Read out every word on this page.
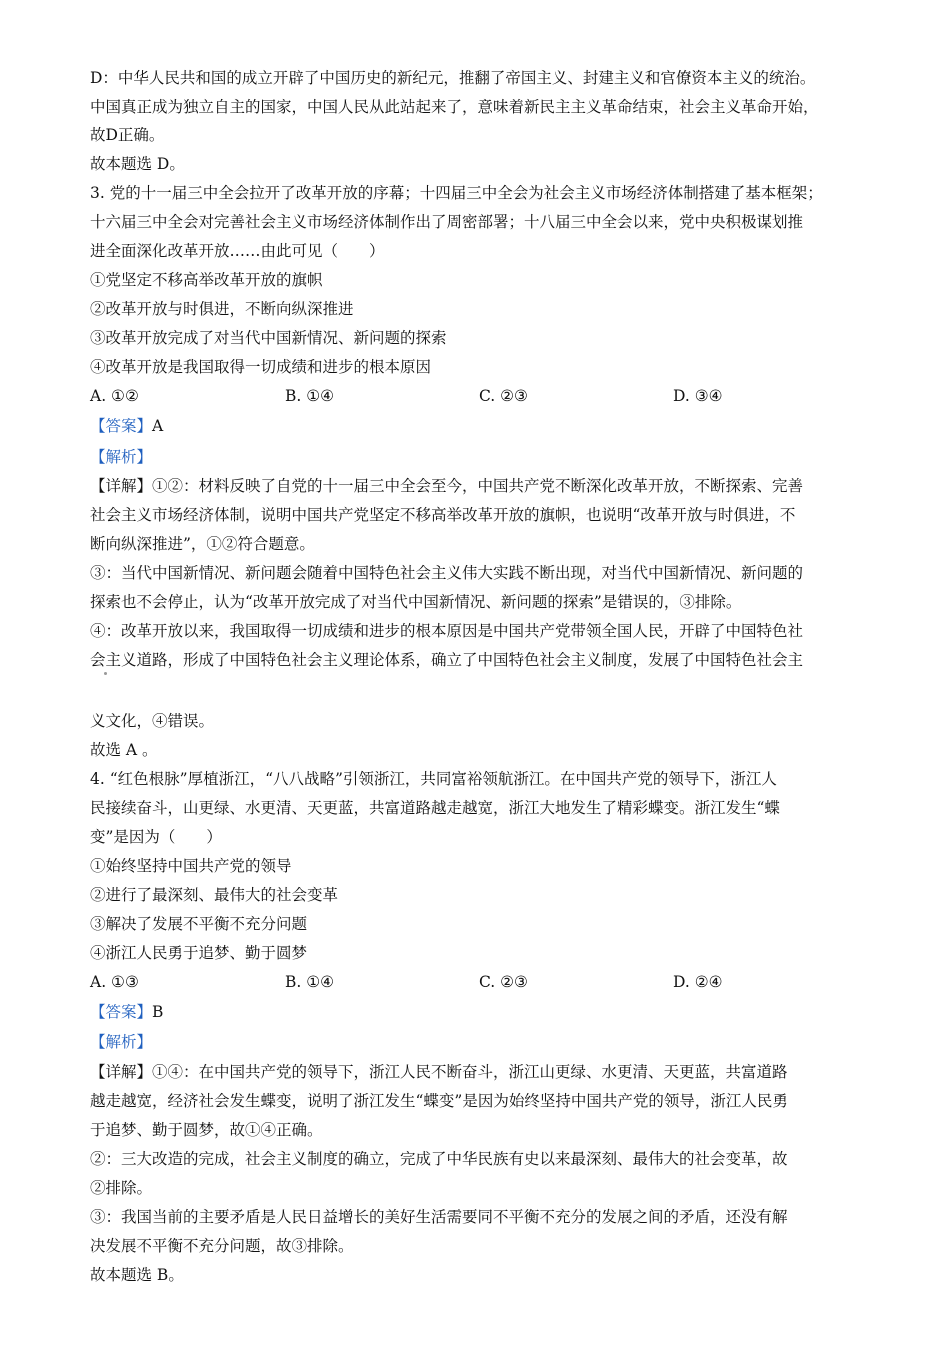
D：中华人民共和国的成立开辟了中国历史的新纪元，推翻了帝国主义、封建主义和官僚资本主义的统治。
中国真正成为独立自主的国家，中国人民从此站起来了，意味着新民主主义革命结束，社会主义革命开始，
故D正确。
故本题选 D。
3. 党的十一届三中全会拉开了改革开放的序幕；十四届三中全会为社会主义市场经济体制搭建了基本框架；
十六届三中全会对完善社会主义市场经济体制作出了周密部署；十八届三中全会以来，党中央积极谋划推
进全面深化改革开放……由此可见（　　）
①党坚定不移高举改革开放的旗帜
②改革开放与时俱进，不断向纵深推进
③改革开放完成了对当代中国新情况、新问题的探索
④改革开放是我国取得一切成绩和进步的根本原因
A. ①②	B. ①④	C. ②③	D. ③④
【答案】A
【解析】
【详解】①②：材料反映了自党的十一届三中全会至今，中国共产党不断深化改革开放，不断探索、完善
社会主义市场经济体制，说明中国共产党坚定不移高举改革开放的旗帜，也说明“改革开放与时俱进，不
断向纵深推进”，①②符合题意。
③：当代中国新情况、新问题会随着中国特色社会主义伟大实践不断出现，对当代中国新情况、新问题的
探索也不会停止，认为“改革开放完成了对当代中国新情况、新问题的探索”是错误的，③排除。
④：改革开放以来，我国取得一切成绩和进步的根本原因是中国共产党带领全国人民，开辟了中国特色社
会主义道路，形成了中国特色社会主义理论体系，确立了中国特色社会主义制度，发展了中国特色社会主
义文化，④错误。
故选 A 。
4. “红色根脉”厚植浙江，“八八战略”引领浙江，共同富裕领航浙江。在中国共产党的领导下，浙江人
民接续奋斗，山更绿、水更清、天更蓝，共富道路越走越宽，浙江大地发生了精彩蝶变。浙江发生“蝶
变”是因为（　　）
①始终坚持中国共产党的领导
②进行了最深刻、最伟大的社会变革
③解决了发展不平衡不充分问题
④浙江人民勇于追梦、勤于圆梦
A. ①③	B. ①④	C. ②③	D. ②④
【答案】B
【解析】
【详解】①④：在中国共产党的领导下，浙江人民不断奋斗，浙江山更绿、水更清、天更蓝，共富道路
越走越宽，经济社会发生蝶变，说明了浙江发生“蝶变”是因为始终坚持中国共产党的领导，浙江人民勇
于追梦、勤于圆梦，故①④正确。
②：三大改造的完成，社会主义制度的确立，完成了中华民族有史以来最深刻、最伟大的社会变革，故
②排除。
③：我国当前的主要矛盾是人民日益增长的美好生活需要同不平衡不充分的发展之间的矛盾，还没有解
决发展不平衡不充分问题，故③排除。
故本题选 B。
